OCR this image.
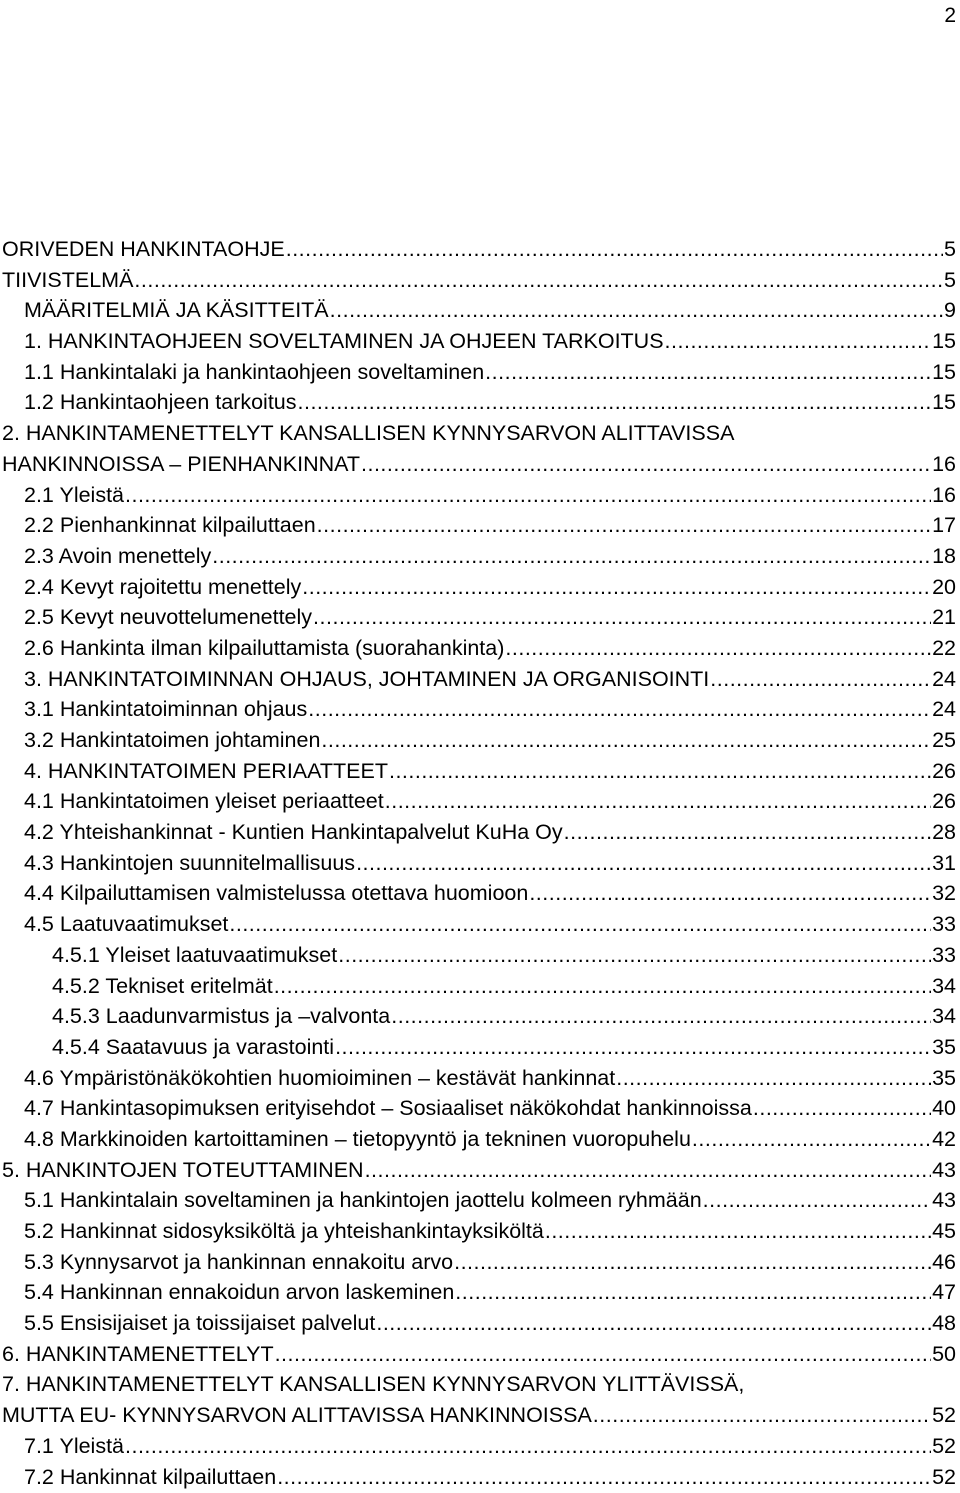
2
ORIVEDEN HANKINTAOHJE .....	5
TIIVISTELMÄ .....	5
MÄÄRITELMIÄ JA KÄSITTEITÄ .....	9
1. HANKINTAOHJEEN SOVELTAMINEN JA OHJEEN TARKOITUS .....	15
1.1 Hankintalaki ja hankintaohjeen soveltaminen .....	15
1.2 Hankintaohjeen tarkoitus .....	15
2. HANKINTAMENETTELYT KANSALLISEN KYNNYSARVON ALITTAVISSA
HANKINNOISSA – PIENHANKINNAT .....	16
2.1 Yleistä .....	16
2.2 Pienhankinnat kilpailuttaen .....	17
2.3 Avoin menettely .....	18
2.4 Kevyt rajoitettu menettely .....	20
2.5 Kevyt neuvottelumenettely .....	21
2.6 Hankinta ilman kilpailuttamista (suorahankinta) .....	22
3. HANKINTATOIMINNAN OHJAUS, JOHTAMINEN JA ORGANISOINTI .....	24
3.1 Hankintatoiminnan ohjaus .....	24
3.2 Hankintatoimen johtaminen .....	25
4. HANKINTATOIMEN PERIAATTEET .....	26
4.1 Hankintatoimen yleiset periaatteet .....	26
4.2 Yhteishankinnat - Kuntien Hankintapalvelut KuHa Oy .....	28
4.3 Hankintojen suunnitelmallisuus .....	31
4.4 Kilpailuttamisen valmistelussa otettava huomioon .....	32
4.5 Laatuvaatimukset .....	33
4.5.1 Yleiset laatuvaatimukset .....	33
4.5.2 Tekniset eritelmät .....	34
4.5.3 Laadunvarmistus ja –valvonta .....	34
4.5.4 Saatavuus ja varastointi .....	35
4.6 Ympäristönäkökohtien huomioiminen – kestävät hankinnat .....	35
4.7 Hankintasopimuksen erityisehdot – Sosiaaliset näkökohdat hankinnoissa .....	40
4.8 Markkinoiden kartoittaminen – tietopyyntö ja tekninen vuoropuhelu .....	42
5. HANKINTOJEN TOTEUTTAMINEN .....	43
5.1 Hankintalain soveltaminen ja hankintojen jaottelu kolmeen ryhmään .....	43
5.2 Hankinnat sidosyksiköltä ja yhteishankintayksiköltä .....	45
5.3 Kynnysarvot ja hankinnan ennakoitu arvo .....	46
5.4 Hankinnan ennakoidun arvon laskeminen .....	47
5.5 Ensisijaiset ja toissijaiset palvelut .....	48
6. HANKINTAMENETTELYT .....	50
7. HANKINTAMENETTELYT KANSALLISEN KYNNYSARVON YLITTÄVISSÄ,
MUTTA EU- KYNNYSARVON ALITTAVISSA HANKINNOISSA .....	52
7.1 Yleistä .....	52
7.2 Hankinnat kilpailuttaen .....	52
